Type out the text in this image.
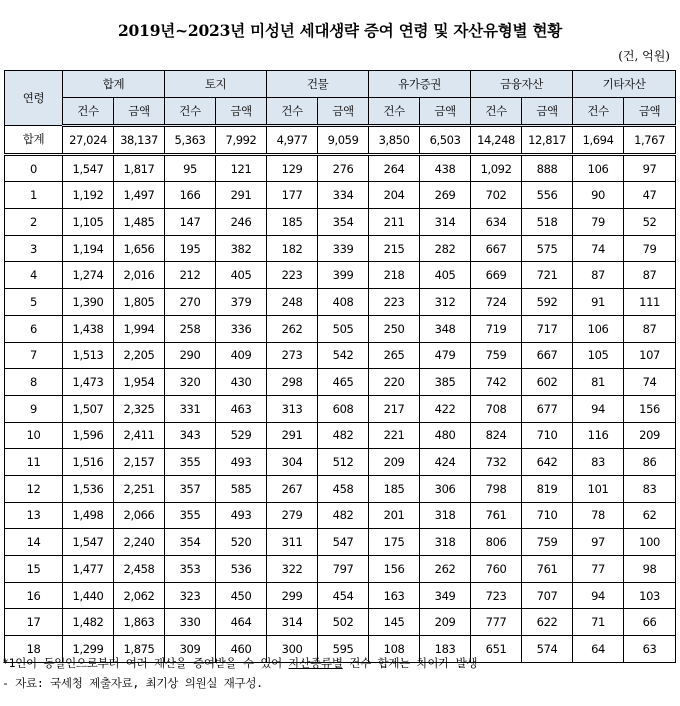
2019년~2023년 미성년 세대생략 증여 연령 및 자산유형별 현황
(건, 억원)
연령	합계		토지		건물		유가증권		금융자산		기타자산	
	건수	금액	건수	금액	건수	금액	건수	금액	건수	금액	건수	금액
합계	27,024	38,137	5,363	7,992	4,977	9,059	3,850	6,503	14,248	12,817	1,694	1,767
0	1,547	1,817	95	121	129	276	264	438	1,092	888	106	97
1	1,192	1,497	166	291	177	334	204	269	702	556	90	47
2	1,105	1,485	147	246	185	354	211	314	634	518	79	52
3	1,194	1,656	195	382	182	339	215	282	667	575	74	79
4	1,274	2,016	212	405	223	399	218	405	669	721	87	87
5	1,390	1,805	270	379	248	408	223	312	724	592	91	111
6	1,438	1,994	258	336	262	505	250	348	719	717	106	87
7	1,513	2,205	290	409	273	542	265	479	759	667	105	107
8	1,473	1,954	320	430	298	465	220	385	742	602	81	74
9	1,507	2,325	331	463	313	608	217	422	708	677	94	156
10	1,596	2,411	343	529	291	482	221	480	824	710	116	209
11	1,516	2,157	355	493	304	512	209	424	732	642	83	86
12	1,536	2,251	357	585	267	458	185	306	798	819	101	83
13	1,498	2,066	355	493	279	482	201	318	761	710	78	62
14	1,547	2,240	354	520	311	547	175	318	806	759	97	100
15	1,477	2,458	353	536	322	797	156	262	760	761	77	98
16	1,440	2,062	323	450	299	454	163	349	723	707	94	103
17	1,482	1,863	330	464	314	502	145	209	777	622	71	66
18	1,299	1,875	309	460	300	595	108	183	651	574	64	63
*1인이 동일인으로부터 여러 재산을 증여받을 수 있어 자산종류별 건수 합계는 차이가 발생
- 자료: 국세청 제출자료, 최기상 의원실 재구성.
